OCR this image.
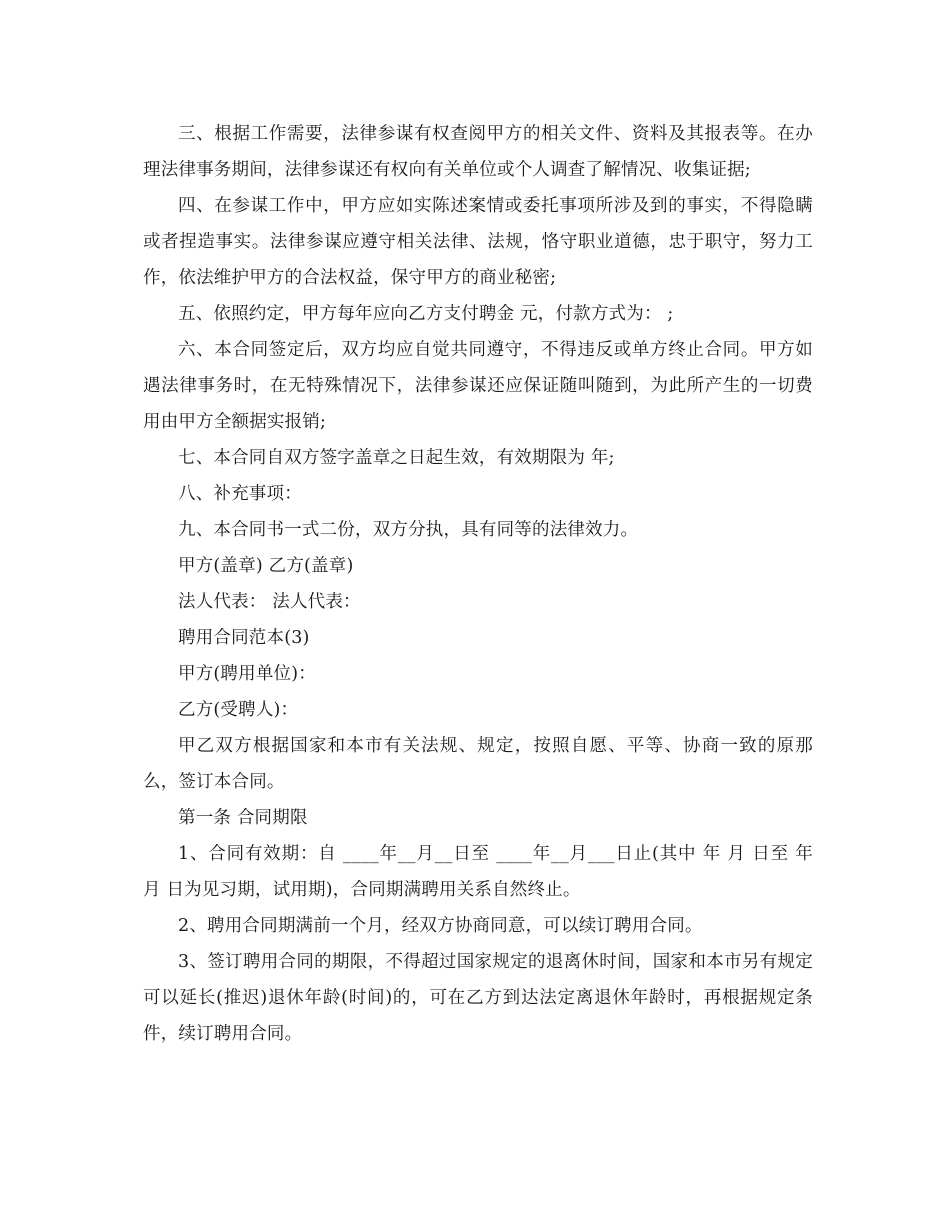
三、根据工作需要，法律参谋有权查阅甲方的相关文件、资料及其报表等。在办理法律事务期间，法律参谋还有权向有关单位或个人调查了解情况、收集证据;

四、在参谋工作中，甲方应如实陈述案情或委托事项所涉及到的事实，不得隐瞒或者捏造事实。法律参谋应遵守相关法律、法规，恪守职业道德，忠于职守，努力工作，依法维护甲方的合法权益，保守甲方的商业秘密;

五、依照约定，甲方每年应向乙方支付聘金 元，付款方式为： ;

六、本合同签定后，双方均应自觉共同遵守，不得违反或单方终止合同。甲方如遇法律事务时，在无特殊情况下，法律参谋还应保证随叫随到，为此所产生的一切费用由甲方全额据实报销;

七、本合同自双方签字盖章之日起生效，有效期限为 年;

八、补充事项：

九、本合同书一式二份，双方分执，具有同等的法律效力。

甲方(盖章) 乙方(盖章)

法人代表： 法人代表：

聘用合同范本(3)

甲方(聘用单位)：

乙方(受聘人)：

甲乙双方根据国家和本市有关法规、规定，按照自愿、平等、协商一致的原那么，签订本合同。

第一条 合同期限

1、合同有效期：自 ____年__月__日至 ____年__月___日止(其中 年 月 日至 年 月 日为见习期，试用期)，合同期满聘用关系自然终止。

2、聘用合同期满前一个月，经双方协商同意，可以续订聘用合同。

3、签订聘用合同的期限，不得超过国家规定的退离休时间，国家和本市另有规定可以延长(推迟)退休年龄(时间)的，可在乙方到达法定离退休年龄时，再根据规定条件，续订聘用合同。
